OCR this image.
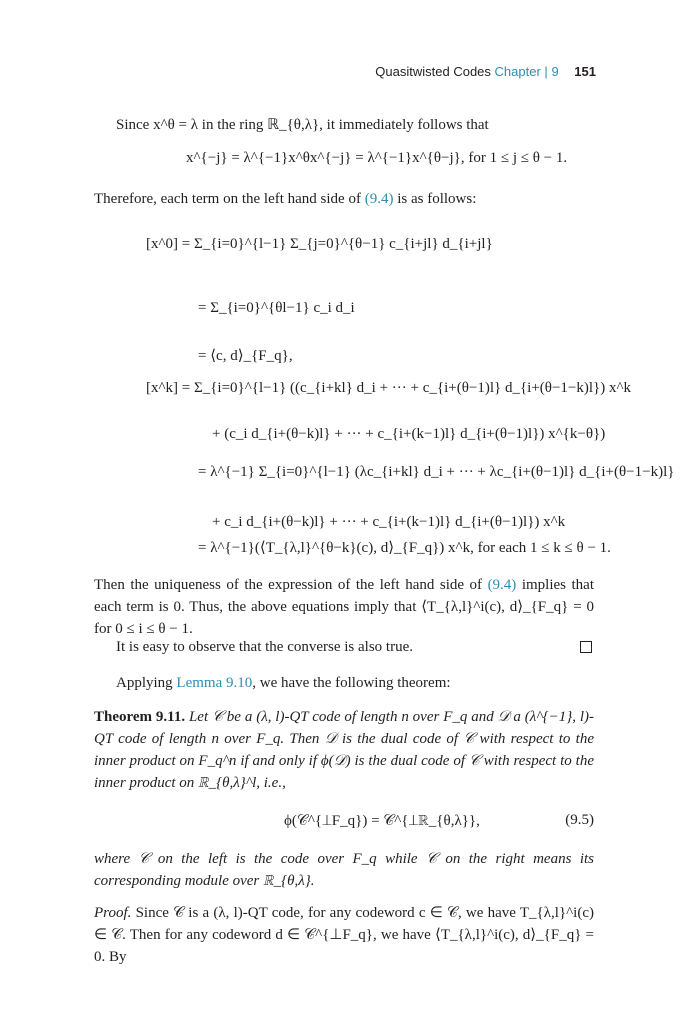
Quasitwisted Codes Chapter | 9 151
Since x^θ = λ in the ring ℝ_{θ,λ}, it immediately follows that
x^{−j} = λ^{−1}x^θx^{−j} = λ^{−1}x^{θ−j}, for 1 ≤ j ≤ θ − 1.
Therefore, each term on the left hand side of (9.4) is as follows:
[x^0] = Σ_{i=0}^{l−1} Σ_{j=0}^{θ−1} c_{i+jl} d_{i+jl}
= Σ_{i=0}^{θl−1} c_i d_i
= ⟨c, d⟩_{F_q},
[x^k] = Σ_{i=0}^{l−1} ((c_{i+kl} d_i + ··· + c_{i+(θ−1)l} d_{i+(θ−1−k)l}) x^k
+ (c_i d_{i+(θ−k)l} + ··· + c_{i+(k−1)l} d_{i+(θ−1)l}) x^{k−θ})
= λ^{−1} Σ_{i=0}^{l−1} (λc_{i+kl} d_i + ··· + λc_{i+(θ−1)l} d_{i+(θ−1−k)l}
+ c_i d_{i+(θ−k)l} + ··· + c_{i+(k−1)l} d_{i+(θ−1)l}) x^k
= λ^{−1}(⟨T_{λ,l}^{θ−k}(c), d⟩_{F_q}) x^k, for each 1 ≤ k ≤ θ − 1.
Then the uniqueness of the expression of the left hand side of (9.4) implies that each term is 0. Thus, the above equations imply that ⟨T_{λ,l}^i(c), d⟩_{F_q} = 0 for 0 ≤ i ≤ θ − 1.
It is easy to observe that the converse is also true.
Applying Lemma 9.10, we have the following theorem:
Theorem 9.11. Let 𝒞 be a (λ, l)-QT code of length n over F_q and 𝒟 a (λ^{−1}, l)-QT code of length n over F_q. Then 𝒟 is the dual code of 𝒞 with respect to the inner product on F_q^n if and only if ϕ(𝒟) is the dual code of 𝒞 with respect to the inner product on ℝ_{θ,λ}^l, i.e.,
ϕ(𝒞^{⊥F_q}) = 𝒞^{⊥ℝ_{θ,λ}},	(9.5)
where 𝒞 on the left is the code over F_q while 𝒞 on the right means its corresponding module over ℝ_{θ,λ}.
Proof. Since 𝒞 is a (λ, l)-QT code, for any codeword c ∈ 𝒞, we have T_{λ,l}^i(c) ∈ 𝒞. Then for any codeword d ∈ 𝒞^{⊥F_q}, we have ⟨T_{λ,l}^i(c), d⟩_{F_q} = 0. By
